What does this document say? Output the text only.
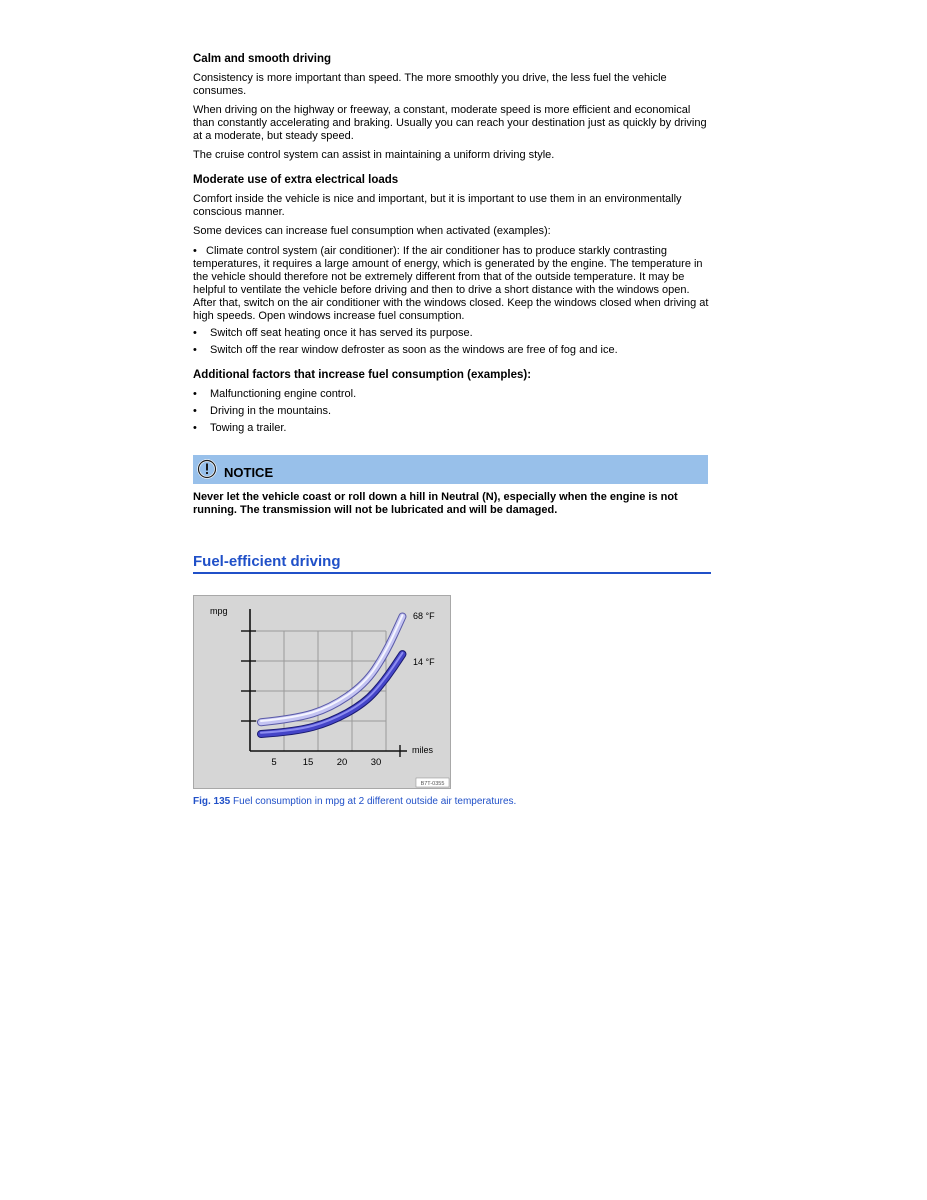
Calm and smooth driving

Consistency is more important than speed. The more smoothly you drive, the less fuel the vehicle consumes.

When driving on the highway or freeway, a constant, moderate speed is more efficient and economical than constantly accelerating and braking. Usually you can reach your destination just as quickly by driving at a moderate, but steady speed.

The cruise control system can assist in maintaining a uniform driving style.

Moderate use of extra electrical loads

Comfort inside the vehicle is nice and important, but it is important to use them in an environmentally conscious manner.

Some devices can increase fuel consumption when activated (examples):

•   Climate control system (air conditioner): If the air conditioner has to produce starkly contrasting temperatures, it requires a large amount of energy, which is generated by the engine. The temperature in the vehicle should therefore not be extremely different from that of the outside temperature. It may be helpful to ventilate the vehicle before driving and then to drive a short distance with the windows open. After that, switch on the air conditioner with the windows closed. Keep the windows closed when driving at high speeds. Open windows increase fuel consumption.
• Switch off seat heating once it has served its purpose.
• Switch off the rear window defroster as soon as the windows are free of fog and ice.

Additional factors that increase fuel consumption (examples):

• Malfunctioning engine control.
• Driving in the mountains.
• Towing a trailer.
NOTICE

Never let the vehicle coast or roll down a hill in Neutral (N), especially when the engine is not running. The transmission will not be lubricated and will be damaged.

Fuel-efficient driving
mpg
miles
68 °F
14 °F
5	15 20 30
B7T-0355
Fig. 135 Fuel consumption in mpg at 2 different outside air temperatures.
